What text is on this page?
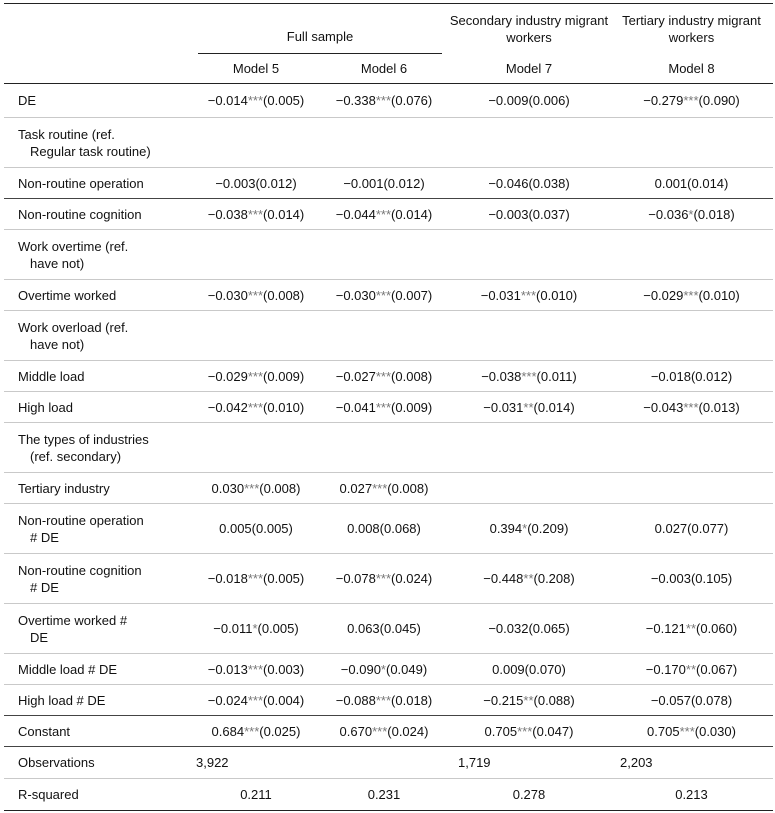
	Full sample		Secondary industry migrant workers	Tertiary industry migrant workers
	Model 5	Model 6	Model 7	Model 8
DE	−0.014***(0.005)	−0.338***(0.076)	−0.009(0.006)	−0.279***(0.090)
Task routine (ref.
Regular task routine)				
Non-routine operation	−0.003(0.012)	−0.001(0.012)	−0.046(0.038)	0.001(0.014)
Non-routine cognition	−0.038***(0.014)	−0.044***(0.014)	−0.003(0.037)	−0.036*(0.018)
Work overtime (ref.
have not)				
Overtime worked	−0.030***(0.008)	−0.030***(0.007)	−0.031***(0.010)	−0.029***(0.010)
Work overload (ref.
have not)				
Middle load	−0.029***(0.009)	−0.027***(0.008)	−0.038***(0.011)	−0.018(0.012)
High load	−0.042***(0.010)	−0.041***(0.009)	−0.031**(0.014)	−0.043***(0.013)
The types of industries
(ref. secondary)				
Tertiary industry	0.030***(0.008)	0.027***(0.008)		
Non-routine operation
# DE	0.005(0.005)	0.008(0.068)	0.394*(0.209)	0.027(0.077)
Non-routine cognition
# DE	−0.018***(0.005)	−0.078***(0.024)	−0.448**(0.208)	−0.003(0.105)
Overtime worked #
DE	−0.011*(0.005)	0.063(0.045)	−0.032(0.065)	−0.121**(0.060)
Middle load # DE	−0.013***(0.003)	−0.090*(0.049)	0.009(0.070)	−0.170**(0.067)
High load # DE	−0.024***(0.004)	−0.088***(0.018)	−0.215**(0.088)	−0.057(0.078)
Constant	0.684***(0.025)	0.670***(0.024)	0.705***(0.047)	0.705***(0.030)
Observations	3,922		1,719	2,203
R-squared	0.211	0.231	0.278	0.213
